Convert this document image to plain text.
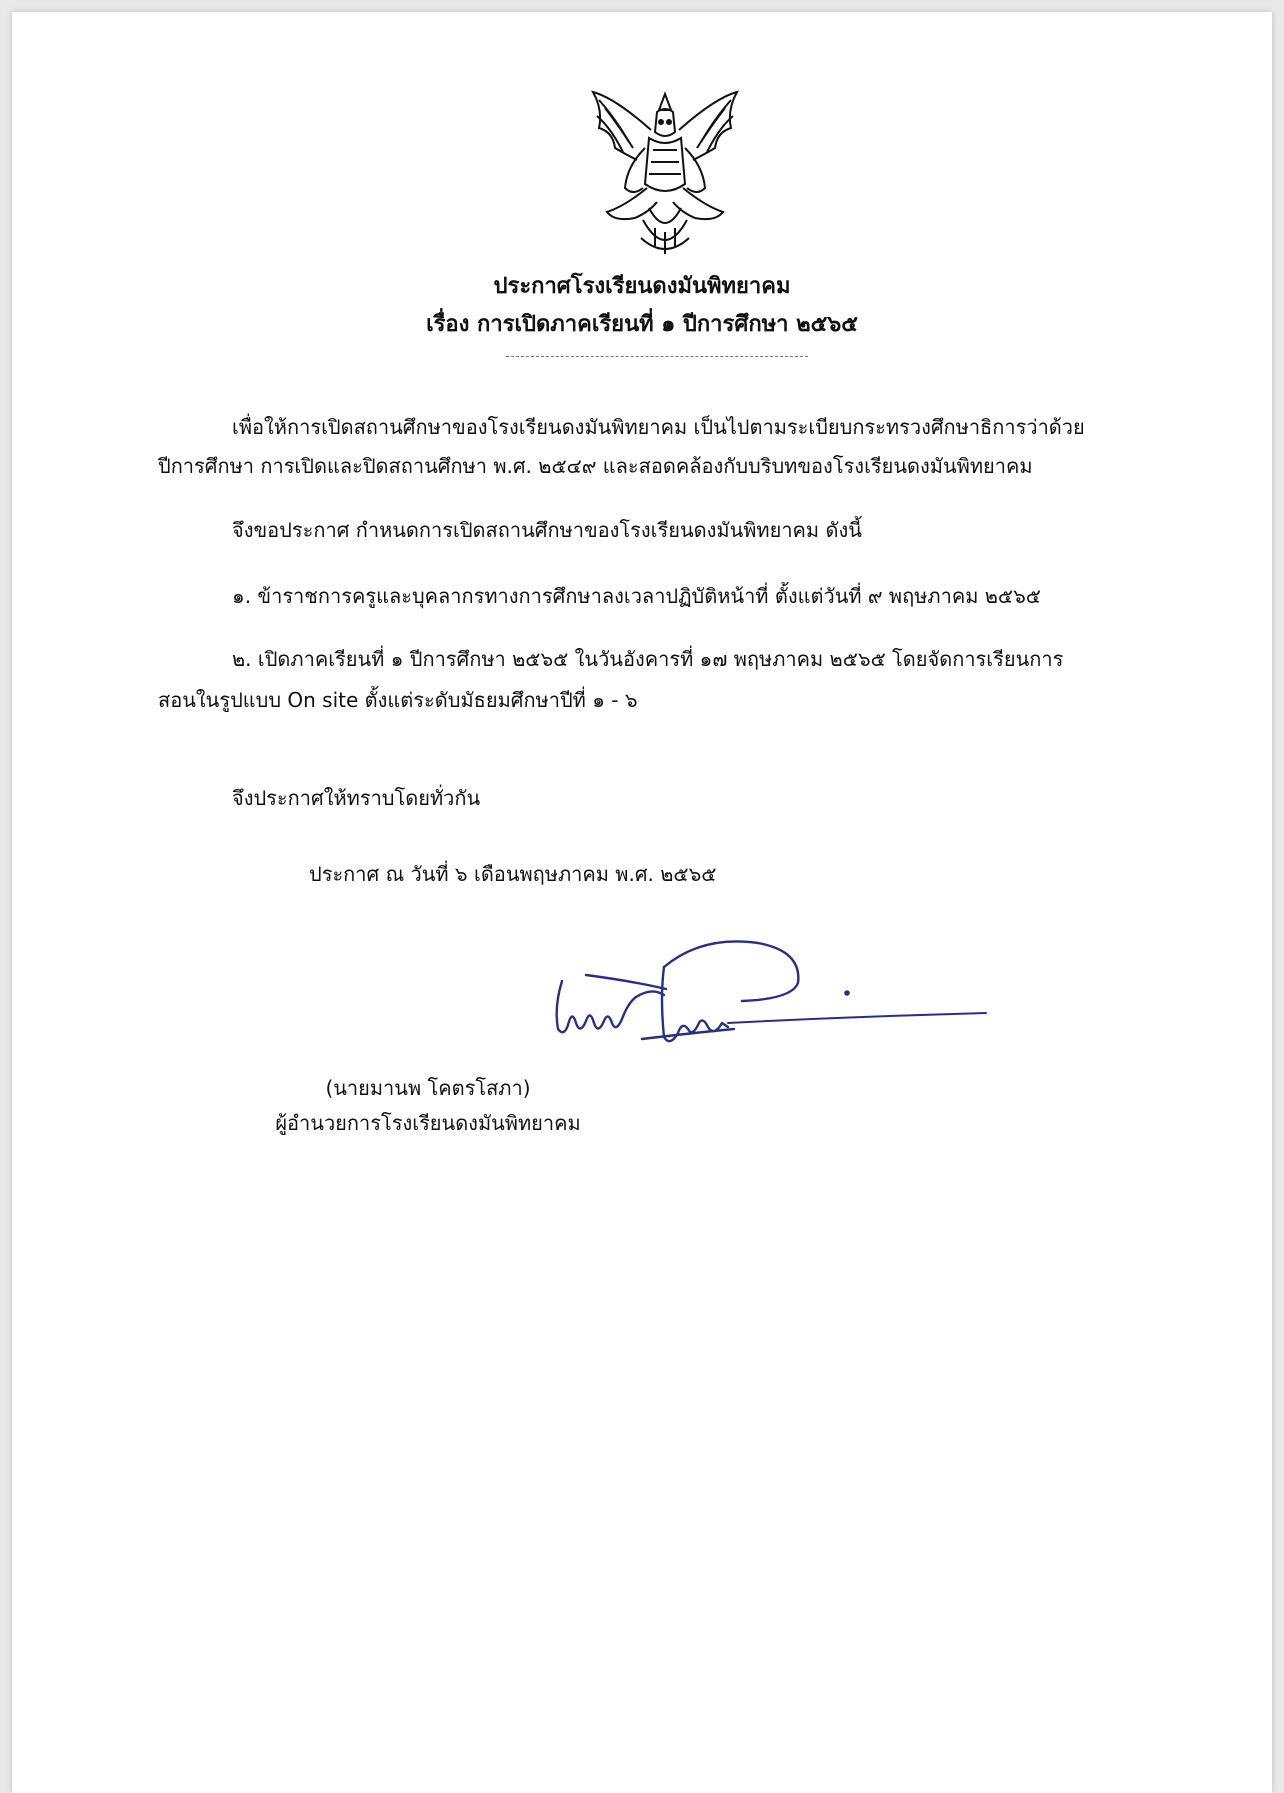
ประกาศโรงเรียนดงมันพิทยาคม
เรื่อง การเปิดภาคเรียนที่ ๑ ปีการศึกษา ๒๕๖๕
เพื่อให้การเปิดสถานศึกษาของโรงเรียนดงมันพิทยาคม เป็นไปตามระเบียบกระทรวงศึกษาธิการว่าด้วย
ปีการศึกษา การเปิดและปิดสถานศึกษา พ.ศ. ๒๕๔๙ และสอดคล้องกับบริบทของโรงเรียนดงมันพิทยาคม
จึงขอประกาศ กำหนดการเปิดสถานศึกษาของโรงเรียนดงมันพิทยาคม ดังนี้
๑. ข้าราชการครูและบุคลากรทางการศึกษาลงเวลาปฏิบัติหน้าที่ ตั้งแต่วันที่ ๙ พฤษภาคม ๒๕๖๕
๒. เปิดภาคเรียนที่ ๑ ปีการศึกษา ๒๕๖๕ ในวันอังคารที่ ๑๗ พฤษภาคม ๒๕๖๕ โดยจัดการเรียนการ
สอนในรูปแบบ On site ตั้งแต่ระดับมัธยมศึกษาปีที่ ๑ - ๖
จึงประกาศให้ทราบโดยทั่วกัน
ประกาศ ณ วันที่ ๖ เดือนพฤษภาคม พ.ศ. ๒๕๖๕
(นายมานพ โคตรโสภา)
ผู้อำนวยการโรงเรียนดงมันพิทยาคม
